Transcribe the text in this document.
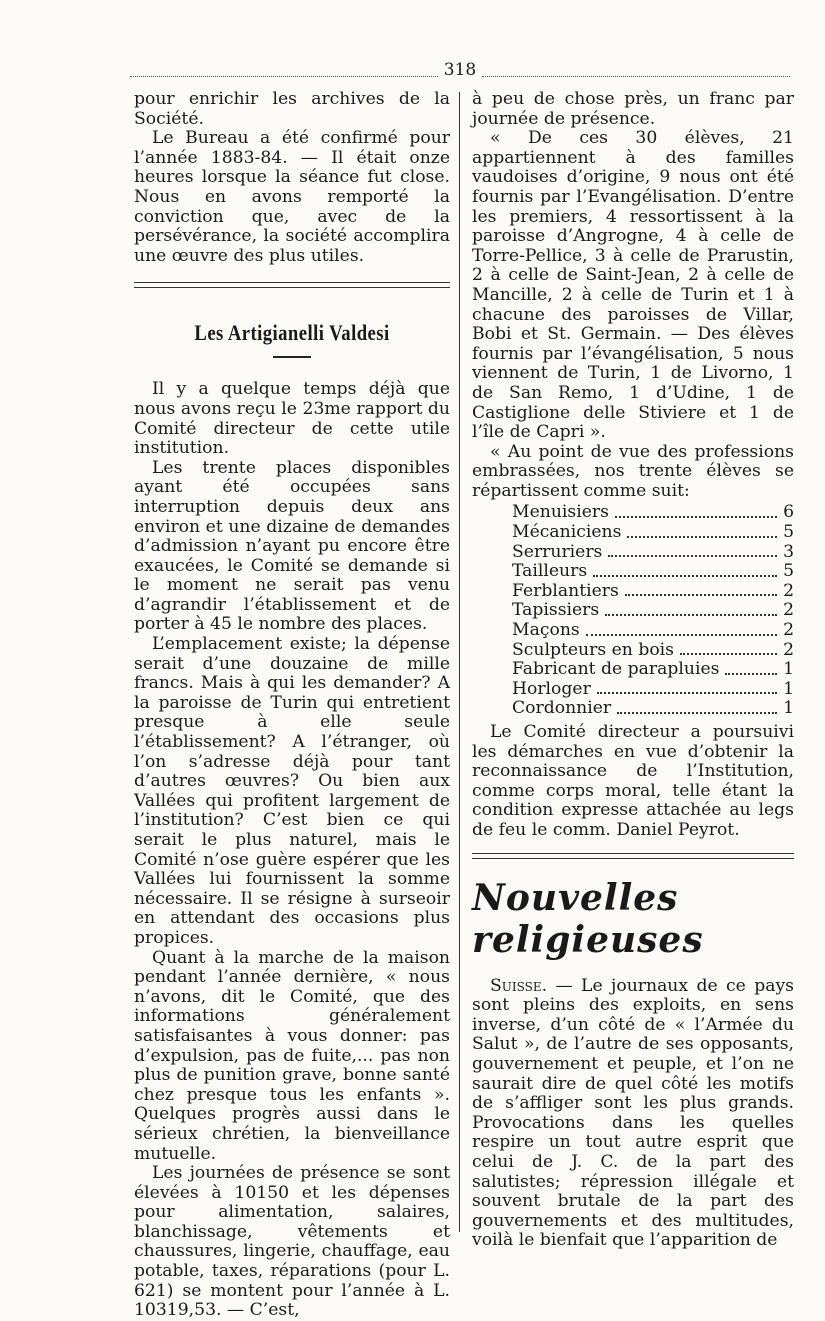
318

pour enrichir les archives de la Société.

Le Bureau a été confirmé pour l’année 1883-84. — Il était onze heures lorsque la séance fut close. Nous en avons remporté la conviction que, avec de la persévérance, la société accomplira une œuvre des plus utiles.

Les Artigianelli Valdesi

Il y a quelque temps déjà que nous avons reçu le 23me rapport du Comité directeur de cette utile institution.

Les trente places disponibles ayant été occupées sans interruption depuis deux ans environ et une dizaine de demandes d’admission n’ayant pu encore être exaucées, le Comité se demande si le moment ne serait pas venu d’agrandir l’établissement et de porter à 45 le nombre des places.

L’emplacement existe; la dépense serait d’une douzaine de mille francs. Mais à qui les demander? A la paroisse de Turin qui entretient presque à elle seule l’établissement? A l’étranger, où l’on s’adresse déjà pour tant d’autres œuvres? Ou bien aux Vallées qui profitent largement de l’institution? C’est bien ce qui serait le plus naturel, mais le Comité n’ose guère espérer que les Vallées lui fournissent la somme nécessaire. Il se résigne à surseoir en attendant des occasions plus propices.

Quant à la marche de la maison pendant l’année dernière, « nous n’avons, dit le Comité, que des informations généralement satisfaisantes à vous donner: pas d’expulsion, pas de fuite,... pas non plus de punition grave, bonne santé chez presque tous les enfants ». Quelques progrès aussi dans le sérieux chrétien, la bienveillance mutuelle.

Les journées de présence se sont élevées à 10150 et les dépenses pour alimentation, salaires, blanchissage, vêtements et chaussures, lingerie, chauffage, eau potable, taxes, réparations (pour L. 621) se montent pour l’année à L. 10319,53. — C’est,

à peu de chose près, un franc par journée de présence.

« De ces 30 élèves, 21 appartiennent à des familles vaudoises d’origine, 9 nous ont été fournis par l’Evangélisation. D’entre les premiers, 4 ressortissent à la paroisse d’Angrogne, 4 à celle de Torre-Pellice, 3 à celle de Prarustin, 2 à celle de Saint-Jean, 2 à celle de Mancille, 2 à celle de Turin et 1 à chacune des paroisses de Villar, Bobi et St. Germain. — Des élèves fournis par l’évangélisation, 5 nous viennent de Turin, 1 de Livorno, 1 de San Remo, 1 d’Udine, 1 de Castiglione delle Stiviere et 1 de l’île de Capri ».

« Au point de vue des professions embrassées, nos trente élèves se répartissent comme suit:

Menuisiers	6
Mécaniciens	5
Serruriers	3
Tailleurs	5
Ferblantiers	2
Tapissiers	2
Maçons	2
Sculpteurs en bois	2
Fabricant de parapluies	1
Horloger	1
Cordonnier	1

Le Comité directeur a poursuivi les démarches en vue d’obtenir la reconnaissance de l’Institution, comme corps moral, telle étant la condition expresse attachée au legs de feu le comm. Daniel Peyrot.

Nouvelles religieuses

Suisse. — Le journaux de ce pays sont pleins des exploits, en sens inverse, d’un côté de « l’Armée du Salut », de l’autre de ses opposants, gouvernement et peuple, et l’on ne saurait dire de quel côté les motifs de s’affliger sont les plus grands. Provocations dans les quelles respire un tout autre esprit que celui de J. C. de la part des salutistes; répression illégale et souvent brutale de la part des gouvernements et des multitudes, voilà le bienfait que l’apparition de
